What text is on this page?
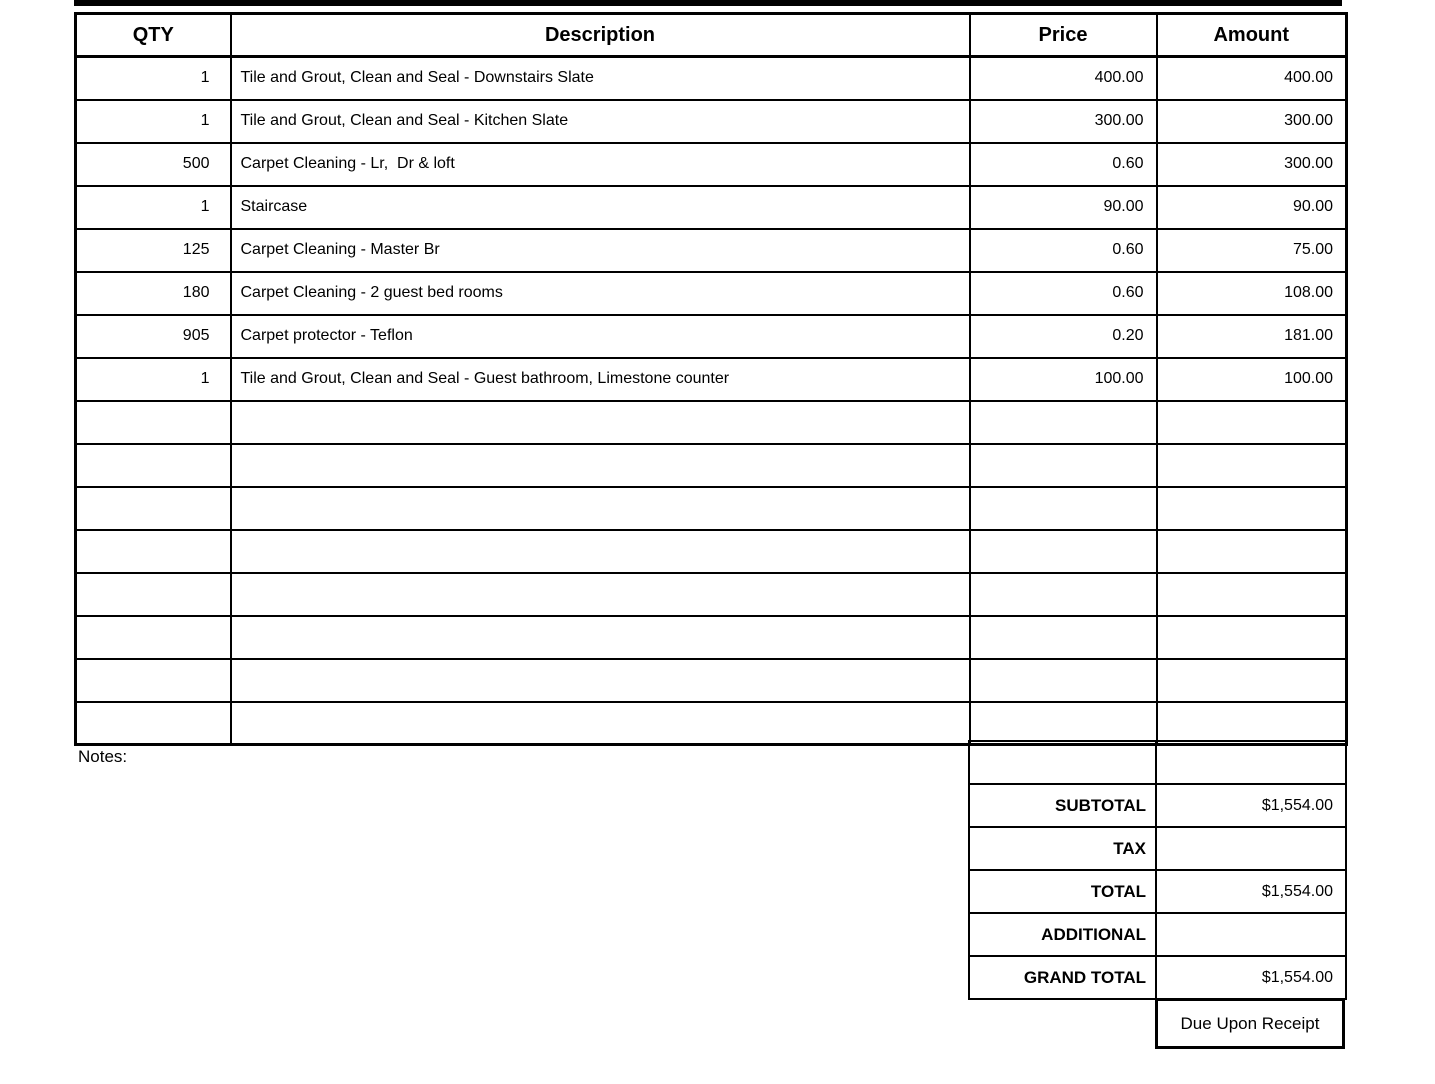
QTY	Description	Price	Amount
1	Tile and Grout, Clean and Seal - Downstairs Slate	400.00	400.00
1	Tile and Grout, Clean and Seal - Kitchen Slate	300.00	300.00
500	Carpet Cleaning - Lr,  Dr & loft	0.60	300.00
1	Staircase	90.00	90.00
125	Carpet Cleaning - Master Br	0.60	75.00
180	Carpet Cleaning - 2 guest bed rooms	0.60	108.00
905	Carpet protector - Teflon	0.20	181.00
1	Tile and Grout, Clean and Seal - Guest bathroom, Limestone counter	100.00	100.00

Notes:

SUBTOTAL	$1,554.00
TAX	
TOTAL	$1,554.00
ADDITIONAL	
GRAND TOTAL	$1,554.00
Due Upon Receipt
